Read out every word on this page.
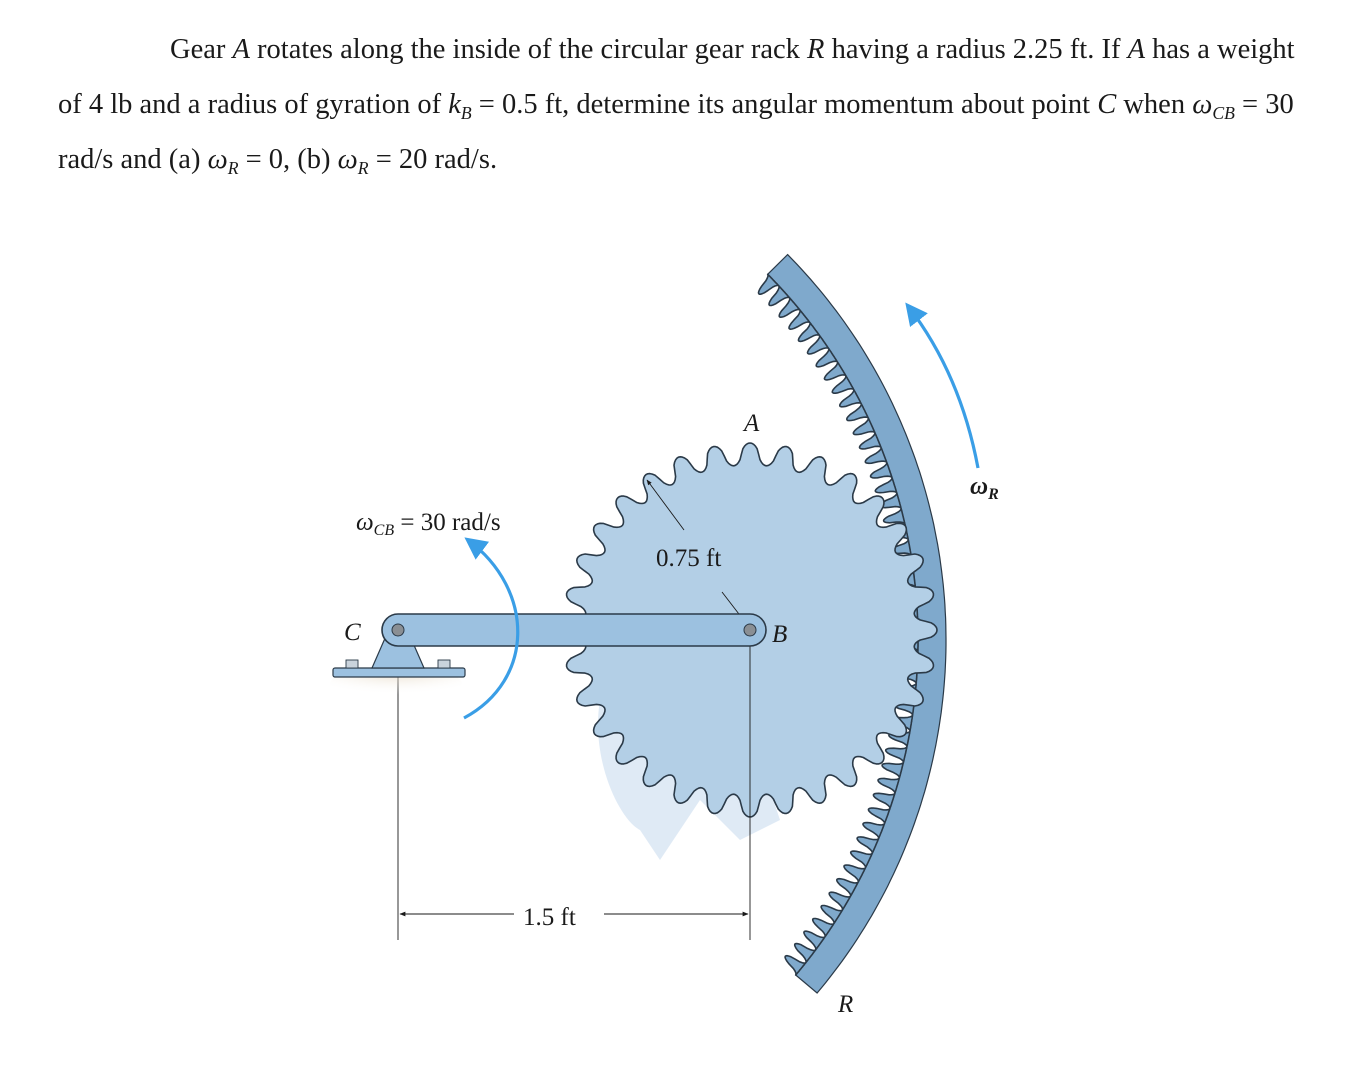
Gear A rotates along the inside of the circular gear rack R having a radius 2.25 ft. If A has a weight of 4 lb and a radius of gyration of $k_B = 0.5$ ft, determine its angular momentum about point C when $\omega_{CB} = 30$ rad/s and (a) $\omega_R = 0$, (b) $\omega_R = 20$ rad/s.

1.5 ft
0.75 ft
A
R
C	B
$\omega_{CB} = 30$ rad/s
$\omega_R$
